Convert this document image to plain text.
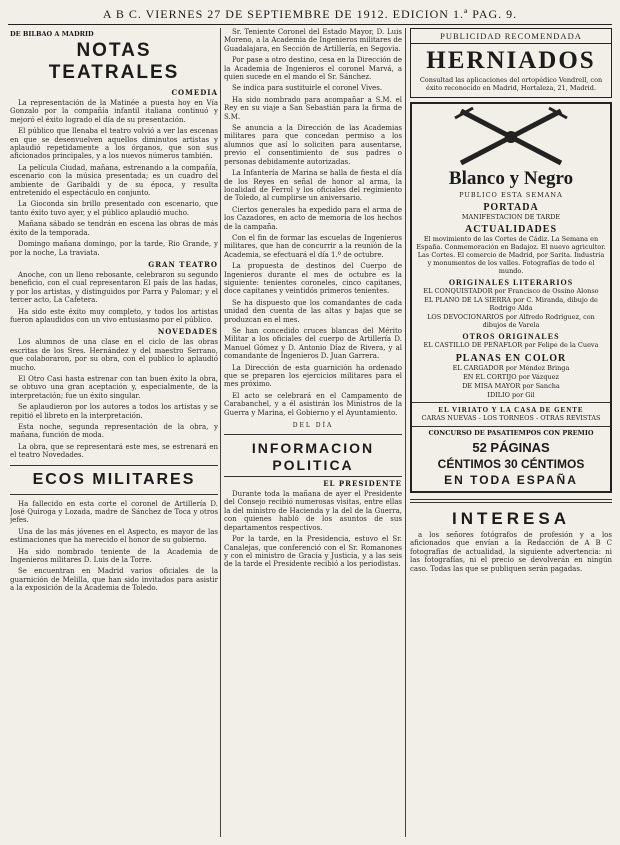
A B C. VIERNES 27 DE SEPTIEMBRE DE 1912. EDICION 1.ª PAG. 9.
DE BILBAO A MADRID
NOTAS TEATRALES
COMEDIA

La representación de la Matinée a puesta hoy en Vía Gonzalo por la compañía infantil italiana continuó y mejoró el éxito logrado el día de su presentación.

El público que llenaba el teatro volvió a ver las escenas en que se desenvuelven aquellos diminutos artistas y aplaudió repetidamente a los órganos, que son sus aficionados principales, y a los nuevos números también.

La película Ciudad, mañana, estrenando a la compañía, escenario con la música presentada; es un cuadro del ambiente de Garibaldi y de su época, y resulta entretenido el espectáculo en conjunto.

La Gioconda sin brillo presentado con escenario, que tanto éxito tuvo ayer, y el público aplaudió mucho.

Mañana sábado se tendrán en escena las obras de más éxito de la temporada.

Domingo mañana domingo, por la tarde, Rio Grande, y por la noche, La traviata.

GRAN TEATRO

Anoche, con un lleno rebosante, celebraron su segundo beneficio, con el cual representaron El país de las hadas, y por los artistas, y distinguidos por Parra y Palomar; y el tercer acto, La Cafetera.

Ha sido este éxito muy completo, y todos los artistas fueron aplaudidos con un vivo entusiasmo por el público.

NOVEDADES

Los alumnos de una clase en el ciclo de las obras escritas de los Sres. Hernández y del maestro Serrano, que colaboraron, por su obra, con el publico lo aplaudió mucho.

El Otro Casi hasta estrenar con tan buen éxito la obra, se obtuvo una gran aceptación y, especialmente, de la interpretación; fue un éxito singular.

Se aplaudieron por los autores a todos los artistas y se repitió el libreto en la interpretación.

Esta noche, segunda representación de la obra, y mañana, función de moda.

La obra, que se representará este mes, se estrenará en el teatro Novedades.

ECOS MILITARES

Ha fallecido en esta corte el coronel de Artillería D. José Quiroga y Lozada, madre de Sánchez de Toca y otros jefes.

Una de las más jóvenes en el Aspecto, es mayor de las estimaciones que ha merecido el honor de su gobierno.

Ha sido nombrado teniente de la Academia de Ingenieros militares D. Luis de la Torre.

Se encuentran en Madrid varios oficiales de la guarnición de Melilla, que han sido invitados para asistir a la exposición de la Academia de Toledo.

Sr. Teniente Coronel del Estado Mayor, D. Luis Moreno, a la Academia de Ingenieros militares de Guadalajara, en Sección de Artillería, en Segovia.

Por pase a otro destino, cesa en la Dirección de la Academia de Ingenieros el coronel Marvá, a quien sucede en el mando el Sr. Sánchez.

Se indica para sustituirle el coronel Vives.

Ha sido nombrado para acompañar a S.M. el Rey en su viaje a San Sebastián para la firma de S.M.

Se anuncia a la Dirección de las Academias militares para que concedan permiso a los alumnos que así lo soliciten para ausentarse, previo el consentimiento de sus padres o personas debidamente autorizadas.

La Infantería de Marina se halla de fiesta el día de los Reyes en señal de honor al arma, la localidad de Ferrol y los oficiales del regimiento de Toledo, al cumplirse un aniversario.

Ciertos generales ha expedido para el arma de los Cazadores, en acto de memoria de los hechos de la campaña.

Con el fin de formar las escuelas de Ingenieros militares, que han de concurrir a la reunión de la Academia, se efectuará el día 1.º de octubre.

La propuesta de destinos del Cuerpo de Ingenieros durante el mes de octubre es la siguiente: tenientes coroneles, cinco capitanes, doce capitanes y veintidós primeros tenientes.

Se ha dispuesto que los comandantes de cada unidad den cuenta de las altas y bajas que se produzcan en el mes.

Se han concedido cruces blancas del Mérito Militar a los oficiales del cuerpo de Artillería D. Manuel Gómez y D. Antonio Díaz de Rivera, y al comandante de Ingenieros D. Juan Garrera.

La Dirección de esta guarnición ha ordenado que se preparen los ejercicios militares para el mes próximo.

El acto se celebrará en el Campamento de Carabanchel, y a él asistirán los Ministros de la Guerra y Marina, el Gobierno y el Ayuntamiento.

DEL DÍA
INFORMACION POLITICA
EL PRESIDENTE

Durante toda la mañana de ayer el Presidente del Consejo recibió numerosas visitas, entre ellas la del ministro de Hacienda y la del de la Guerra, con quienes habló de los asuntos de sus departamentos respectivos.

Por la tarde, en la Presidencia, estuvo el Sr. Canalejas, que conferenció con el Sr. Romanones y con el ministro de Gracia y Justicia, y a las seis de la tarde el Presidente recibió a los periodistas.

PUBLICIDAD RECOMENDADA
HERNIADOS
Consultad las aplicaciones del ortopédico Vendrell, con éxito reconocido en Madrid, Hortaleza, 21, Madrid.
Blanco y Negro
PUBLICO ESTA SEMANA
PORTADA
MANIFESTACION DE TARDE
ACTUALIDADES
El movimiento de las Cortes de Cádiz. La Semana en España. Conmemoración en Badajoz. El nuevo agricultor. Las Cortes. El comercio de Madrid, por Sarita. Industria y monumentos de los valles. Fotografías de todo el mundo.
ORIGINALES LITERARIOS
EL CONQUISTADOR por Francisco de Ossino Alonso
EL PLANO DE LA SIERRA por C. Miranda, dibujo de Rodrigo Alda
LOS DEVOCIONARIOS por Alfredo Rodríguez, con dibujos de Varela
OTROS ORIGINALES
EL CASTILLO DE PEÑAFLOR por Felipe de la Cueva
PLANAS EN COLOR
EL CARGADOR por Méndez Bringa
EN EL CORTIJO por Vázquez
DE MISA MAYOR por Sancha
IDILIO por Gil
EL VIRIATO Y LA CASA DE GENTE
CARAS NUEVAS - LOS TORNEOS - OTRAS REVISTAS
CONCURSO DE PASATIEMPOS CON PREMIO
52 PÁGINAS
CÉNTIMOS 30 CÉNTIMOS
EN TODA ESPAÑA
INTERESA

a los señores fotógrafos de profesión y a los aficionados que envían a la Redacción de A B C fotografías de actualidad, la siguiente advertencia: ni las fotografías, ni el precio se devolverán en ningún caso. Todas las que se publiquen serán pagadas.
